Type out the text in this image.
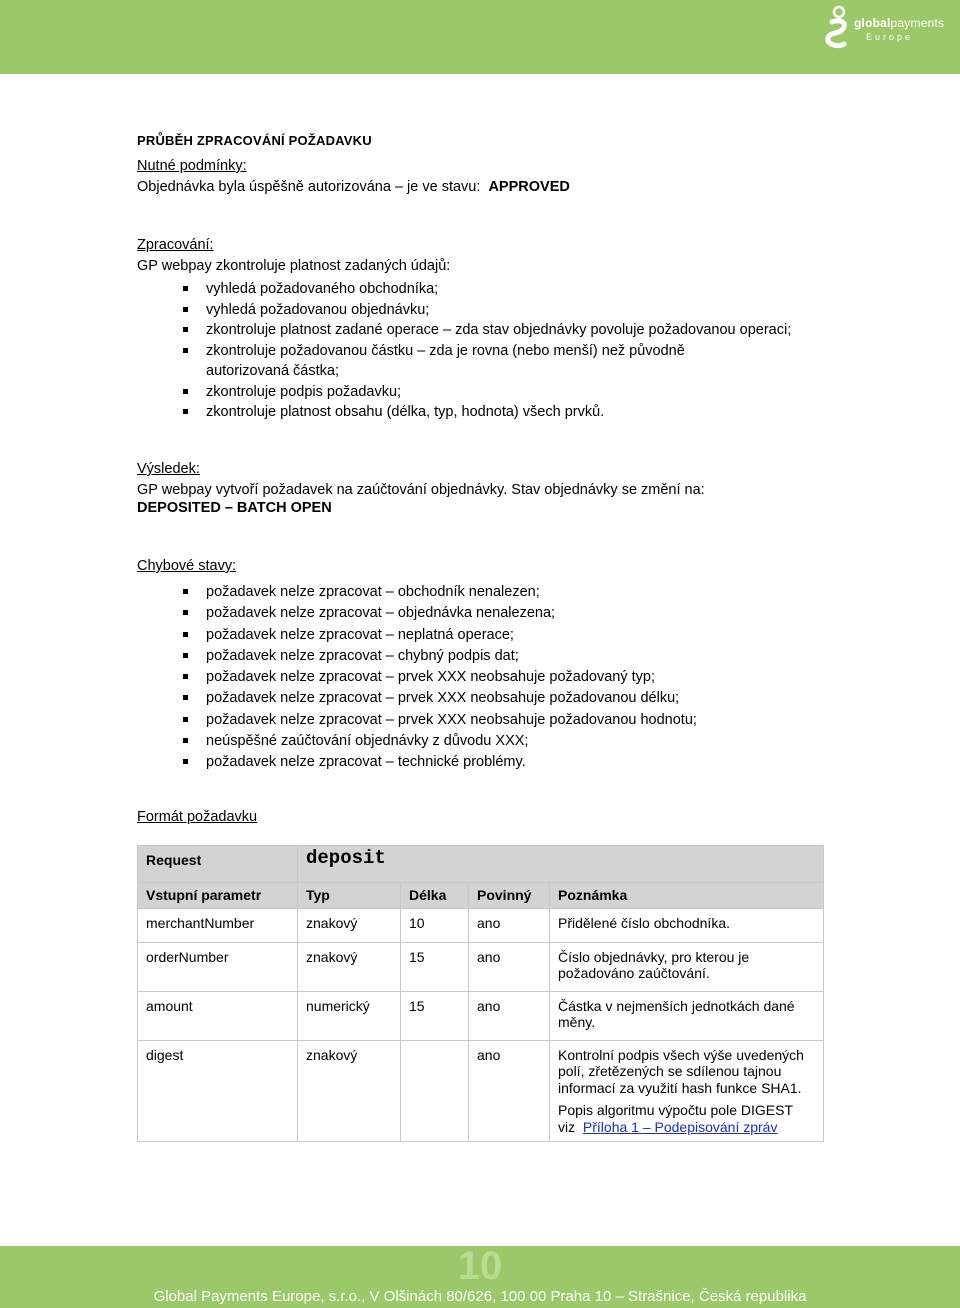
globalpayments
Europe
PRŮBĚH ZPRACOVÁNÍ POŽADAVKU
Nutné podmínky:
Objednávka byla úspěšně autorizována – je ve stavu: APPROVED
Zpracování:
GP webpay zkontroluje platnost zadaných údajů:
vyhledá požadovaného obchodníka;
vyhledá požadovanou objednávku;
zkontroluje platnost zadané operace – zda stav objednávky povoluje požadovanou operaci;
zkontroluje požadovanou částku – zda je rovna (nebo menší) než původně autorizovaná částka;
zkontroluje podpis požadavku;
zkontroluje platnost obsahu (délka, typ, hodnota) všech prvků.
Výsledek:
GP webpay vytvoří požadavek na zaúčtování objednávky. Stav objednávky se změní na:
DEPOSITED – BATCH OPEN
Chybové stavy:
požadavek nelze zpracovat – obchodník nenalezen;
požadavek nelze zpracovat – objednávka nenalezena;
požadavek nelze zpracovat – neplatná operace;
požadavek nelze zpracovat – chybný podpis dat;
požadavek nelze zpracovat – prvek XXX neobsahuje požadovaný typ;
požadavek nelze zpracovat – prvek XXX neobsahuje požadovanou délku;
požadavek nelze zpracovat – prvek XXX neobsahuje požadovanou hodnotu;
neúspěšné zaúčtování objednávky z důvodu XXX;
požadavek nelze zpracovat – technické problémy.
Formát požadavku
Request	deposit			
Vstupní parametr	Typ	Délka	Povinný	Poznámka
merchantNumber	znakový	10	ano	Přidělené číslo obchodníka.
orderNumber	znakový	15	ano	Číslo objednávky, pro kterou je požadováno zaúčtování.
amount	numerický	15	ano	Částka v nejmenších jednotkách dané měny.
digest	znakový		ano	Kontrolní podpis všech výše uvedených polí, zřetězených se sdílenou tajnou informací za využití hash funkce SHA1.
Popis algoritmu výpočtu pole DIGEST viz Příloha 1 – Podepisování zpráv
10
Global Payments Europe, s.r.o., V Olšinách 80/626, 100 00 Praha 10 – Strašnice, Česká republika
